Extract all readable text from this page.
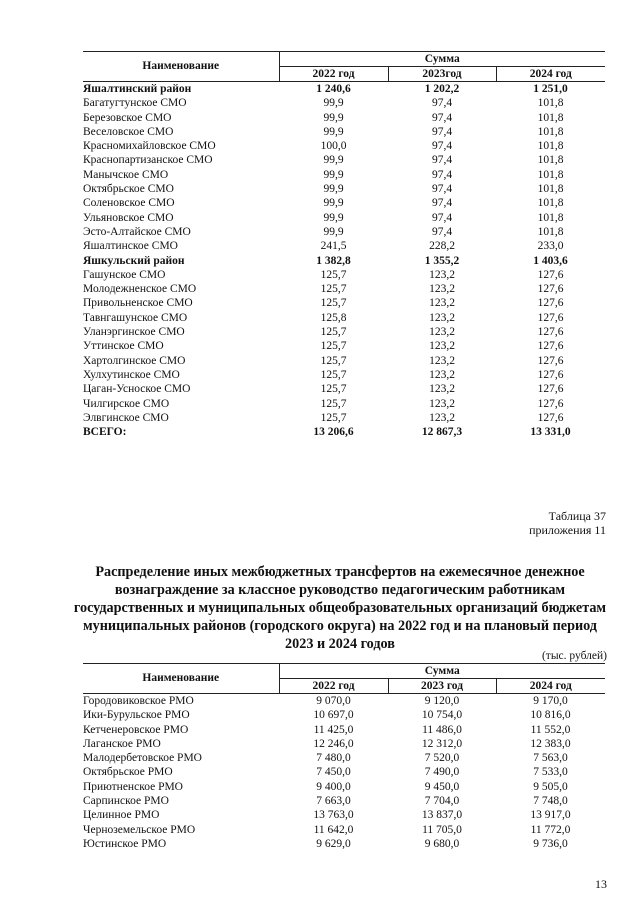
Наименование	Сумма		
	2022 год	2023год	2024 год
Яшалтинский район	1 240,6	1 202,2	1 251,0
Багатугтунское СМО	99,9	97,4	101,8
Березовское СМО	99,9	97,4	101,8
Веселовское СМО	99,9	97,4	101,8
Красномихайловское СМО	100,0	97,4	101,8
Краснопартизанское СМО	99,9	97,4	101,8
Манычское СМО	99,9	97,4	101,8
Октябрьское СМО	99,9	97,4	101,8
Соленовское СМО	99,9	97,4	101,8
Ульяновское СМО	99,9	97,4	101,8
Эсто-Алтайское СМО	99,9	97,4	101,8
Яшалтинское СМО	241,5	228,2	233,0
Яшкульский район	1 382,8	1 355,2	1 403,6
Гашунское СМО	125,7	123,2	127,6
Молодежненское СМО	125,7	123,2	127,6
Привольненское СМО	125,7	123,2	127,6
Тавнгашунское СМО	125,8	123,2	127,6
Уланэргинское СМО	125,7	123,2	127,6
Уттинское СМО	125,7	123,2	127,6
Хартолгинское СМО	125,7	123,2	127,6
Хулхутинское СМО	125,7	123,2	127,6
Цаган-Усноское СМО	125,7	123,2	127,6
Чилгирское СМО	125,7	123,2	127,6
Элвгинское СМО	125,7	123,2	127,6
ВСЕГО:	13 206,6	12 867,3	13 331,0
Таблица 37
приложения 11
Распределение иных межбюджетных трансфертов на ежемесячное денежное вознаграждение за классное руководство педагогическим работникам государственных и муниципальных общеобразовательных организаций бюджетам муниципальных районов (городского округа) на 2022 год и на плановый период 2023 и 2024 годов
(тыс. рублей)
Наименование	Сумма		
	2022 год	2023 год	2024 год
Городовиковское РМО	9 070,0	9 120,0	9 170,0
Ики-Бурульское РМО	10 697,0	10 754,0	10 816,0
Кетченеровское РМО	11 425,0	11 486,0	11 552,0
Лаганское РМО	12 246,0	12 312,0	12 383,0
Малодербетовское РМО	7 480,0	7 520,0	7 563,0
Октябрьское РМО	7 450,0	7 490,0	7 533,0
Приютненское РМО	9 400,0	9 450,0	9 505,0
Сарпинское РМО	7 663,0	7 704,0	7 748,0
Целинное РМО	13 763,0	13 837,0	13 917,0
Черноземельское РМО	11 642,0	11 705,0	11 772,0
Юстинское РМО	9 629,0	9 680,0	9 736,0
13
